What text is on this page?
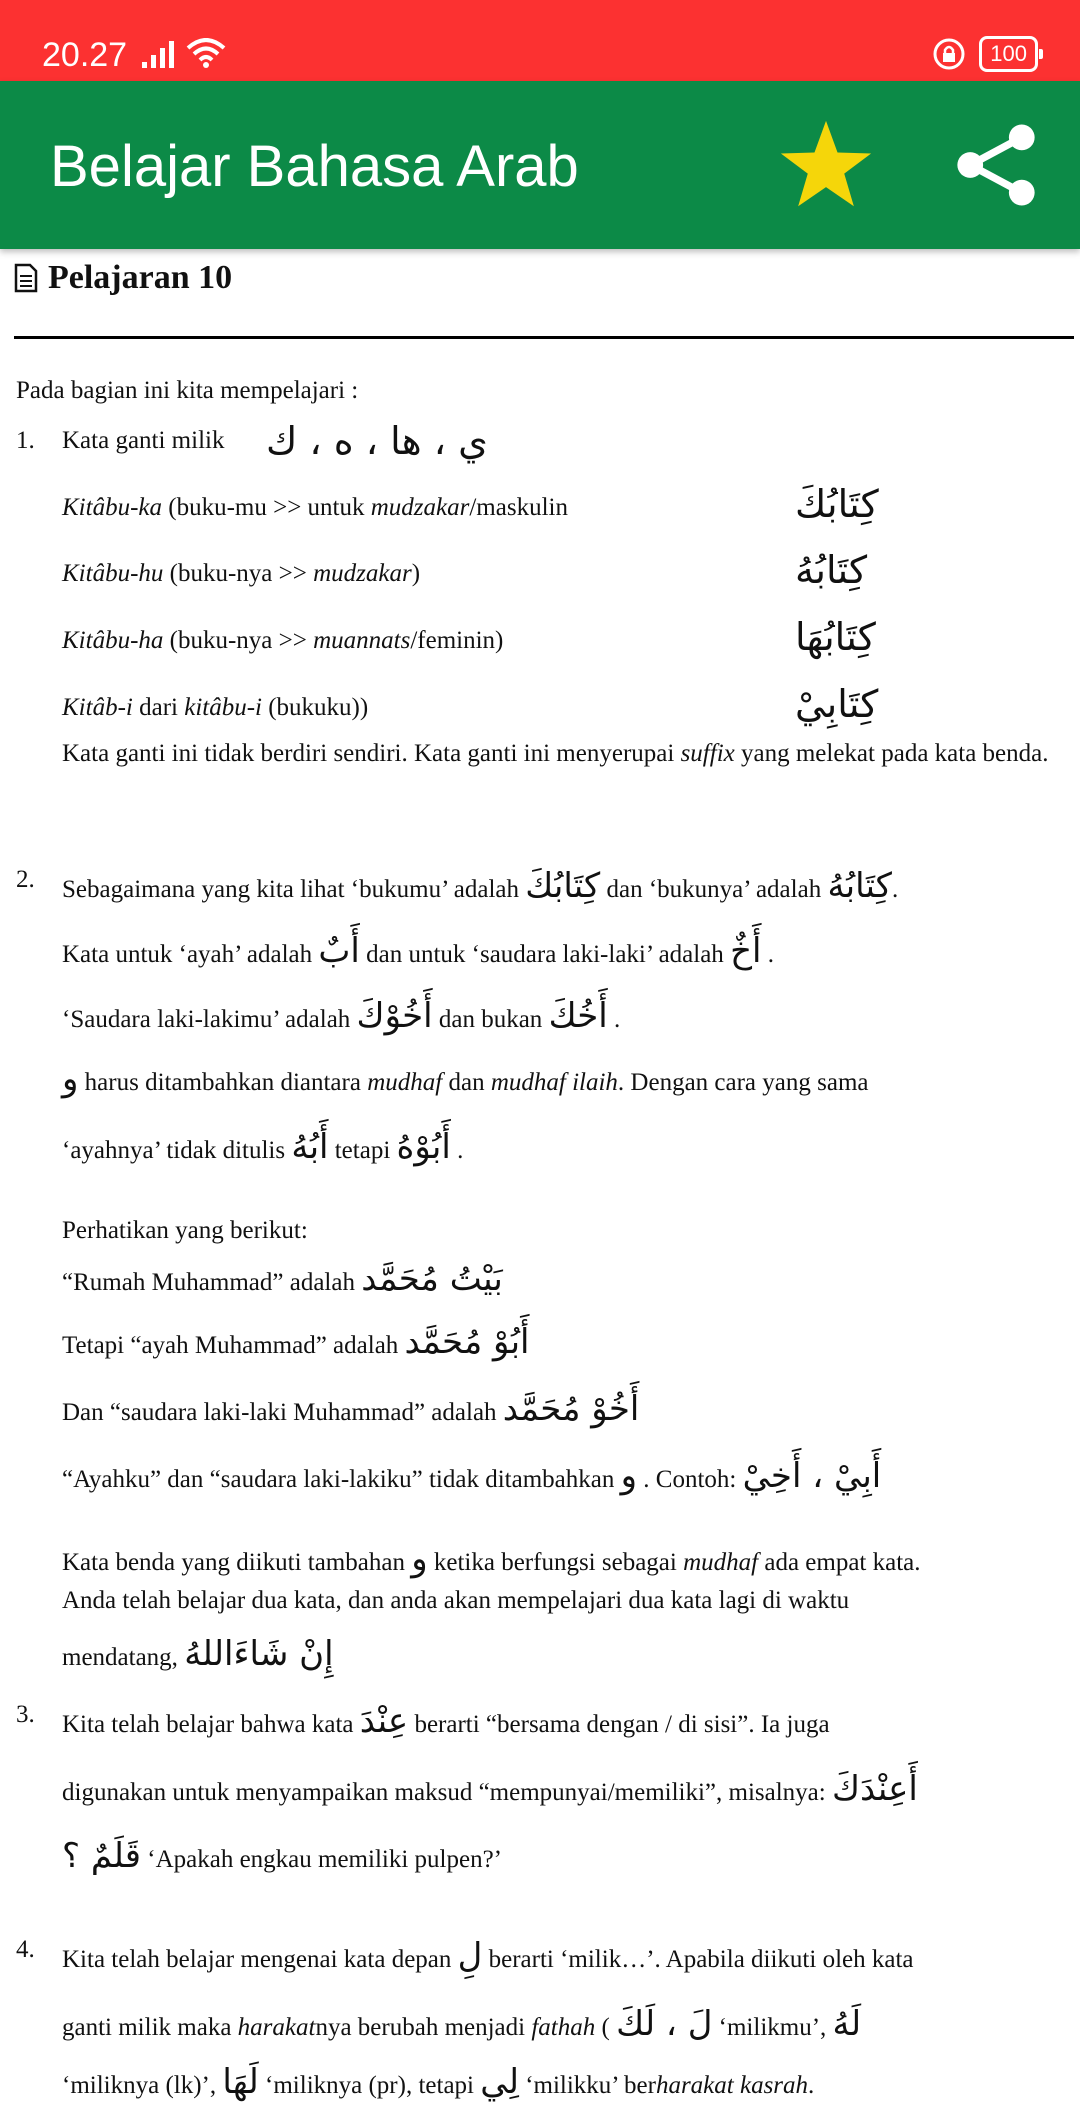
20.27	100
Belajar Bahasa Arab
Pelajaran 10
Pada bagian ini kita mempelajari :
1. Kata ganti milik ي ، ها ، ه ، ك
Kitâbu-ka (buku-mu >> untuk mudzakar/maskulin	كِتَابُكَ
Kitâbu-hu (buku-nya >> mudzakar)	كِتَابُهُ
Kitâbu-ha (buku-nya >> muannats/feminin)	كِتَابُهَا
Kitâb-i dari kitâbu-i (bukuku))	كِتَابِيْ
Kata ganti ini tidak berdiri sendiri. Kata ganti ini menyerupai suffix yang melekat pada kata benda.
2. Sebagaimana yang kita lihat ‘bukumu’ adalah كِتَابُكَ dan ‘bukunya’ adalah كِتَابُهُ.
Kata untuk ‘ayah’ adalah أَبٌ dan untuk ‘saudara laki-laki’ adalah أَخٌ .
‘Saudara laki-lakimu’ adalah أَخُوْكَ dan bukan أَخُكَ .
و harus ditambahkan diantara mudhaf dan mudhaf ilaih. Dengan cara yang sama
‘ayahnya’ tidak ditulis أَبُهُ tetapi أَبُوْهُ .
Perhatikan yang berikut:
“Rumah Muhammad” adalah بَيْتُ مُحَمَّد
Tetapi “ayah Muhammad” adalah أَبُوْ مُحَمَّد
Dan “saudara laki-laki Muhammad” adalah أَخُوْ مُحَمَّد
“Ayahku” dan “saudara laki-lakiku” tidak ditambahkan و . Contoh: أَبِيْ ، أَخِيْ
Kata benda yang diikuti tambahan و ketika berfungsi sebagai mudhaf ada empat kata.
Anda telah belajar dua kata, dan anda akan mempelajari dua kata lagi di waktu
mendatang, إِنْ شَاءَاللهُ
3. Kita telah belajar bahwa kata عِنْدَ berarti “bersama dengan / di sisi”. Ia juga
digunakan untuk menyampaikan maksud “mempunyai/memiliki”, misalnya: أَعِنْدَكَ
قَلَمٌ ؟ ‘Apakah engkau memiliki pulpen?’
4. Kita telah belajar mengenai kata depan لِ berarti ‘milik…’. Apabila diikuti oleh kata
ganti milik maka harakatnya berubah menjadi fathah ( لَ ، لَكَ ‘milikmu’, لَهُ
‘miliknya (lk)’, لَهَا ‘miliknya (pr), tetapi لِي ‘milikku’ berharakat kasrah.
